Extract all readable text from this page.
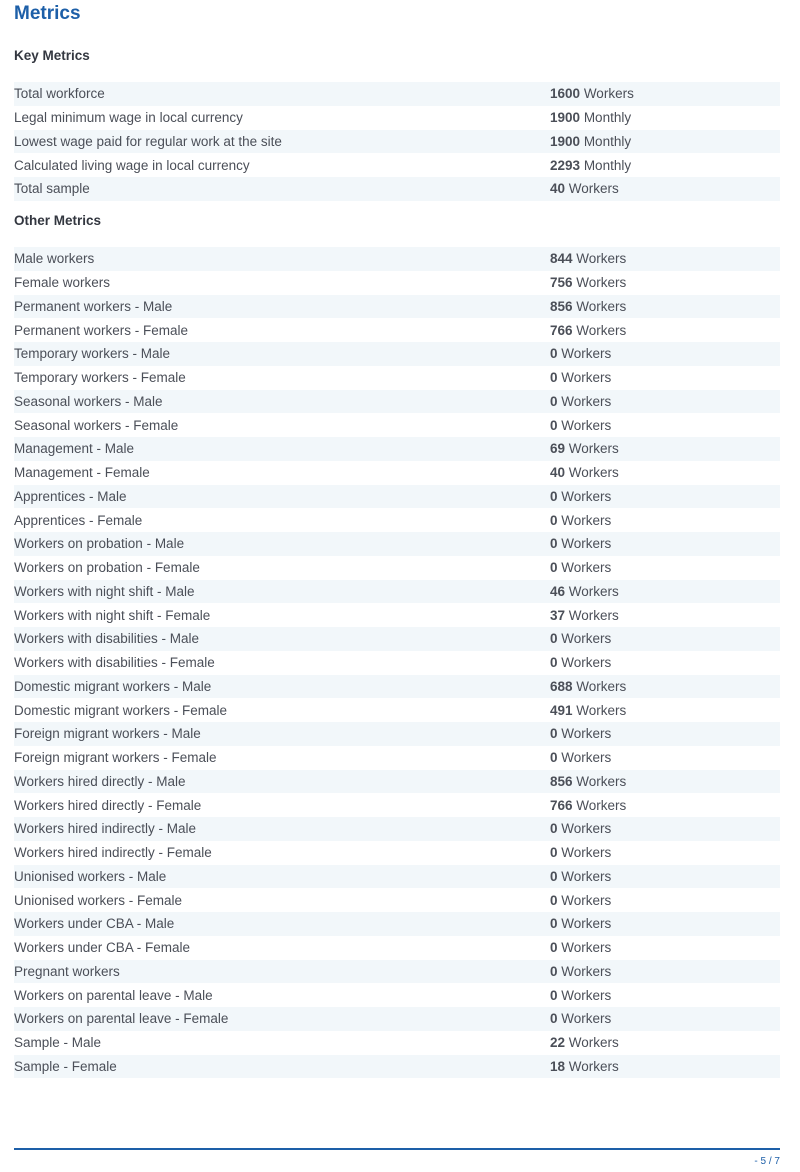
Metrics
Key Metrics
Total workforce	1600 Workers
Legal minimum wage in local currency	1900 Monthly
Lowest wage paid for regular work at the site	1900 Monthly
Calculated living wage in local currency	2293 Monthly
Total sample	40 Workers
Other Metrics
Male workers	844 Workers
Female workers	756 Workers
Permanent workers - Male	856 Workers
Permanent workers - Female	766 Workers
Temporary workers - Male	0 Workers
Temporary workers - Female	0 Workers
Seasonal workers - Male	0 Workers
Seasonal workers - Female	0 Workers
Management - Male	69 Workers
Management - Female	40 Workers
Apprentices - Male	0 Workers
Apprentices - Female	0 Workers
Workers on probation - Male	0 Workers
Workers on probation - Female	0 Workers
Workers with night shift - Male	46 Workers
Workers with night shift - Female	37 Workers
Workers with disabilities - Male	0 Workers
Workers with disabilities - Female	0 Workers
Domestic migrant workers - Male	688 Workers
Domestic migrant workers - Female	491 Workers
Foreign migrant workers - Male	0 Workers
Foreign migrant workers - Female	0 Workers
Workers hired directly - Male	856 Workers
Workers hired directly - Female	766 Workers
Workers hired indirectly - Male	0 Workers
Workers hired indirectly - Female	0 Workers
Unionised workers - Male	0 Workers
Unionised workers - Female	0 Workers
Workers under CBA - Male	0 Workers
Workers under CBA - Female	0 Workers
Pregnant workers	0 Workers
Workers on parental leave - Male	0 Workers
Workers on parental leave - Female	0 Workers
Sample - Male	22 Workers
Sample - Female	18 Workers
- 5 / 7
